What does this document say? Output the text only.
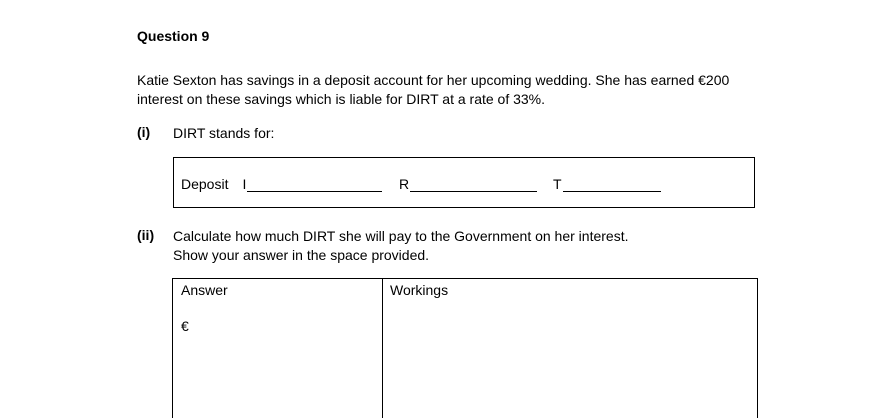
Question 9
Katie Sexton has savings in a deposit account for her upcoming wedding. She has earned €200
interest on these savings which is liable for DIRT at a rate of 33%.
(i) DIRT stands for:
Deposit I	R	T
(ii) Calculate how much DIRT she will pay to the Government on her interest.
Show your answer in the space provided.
Answer	Workings
€
